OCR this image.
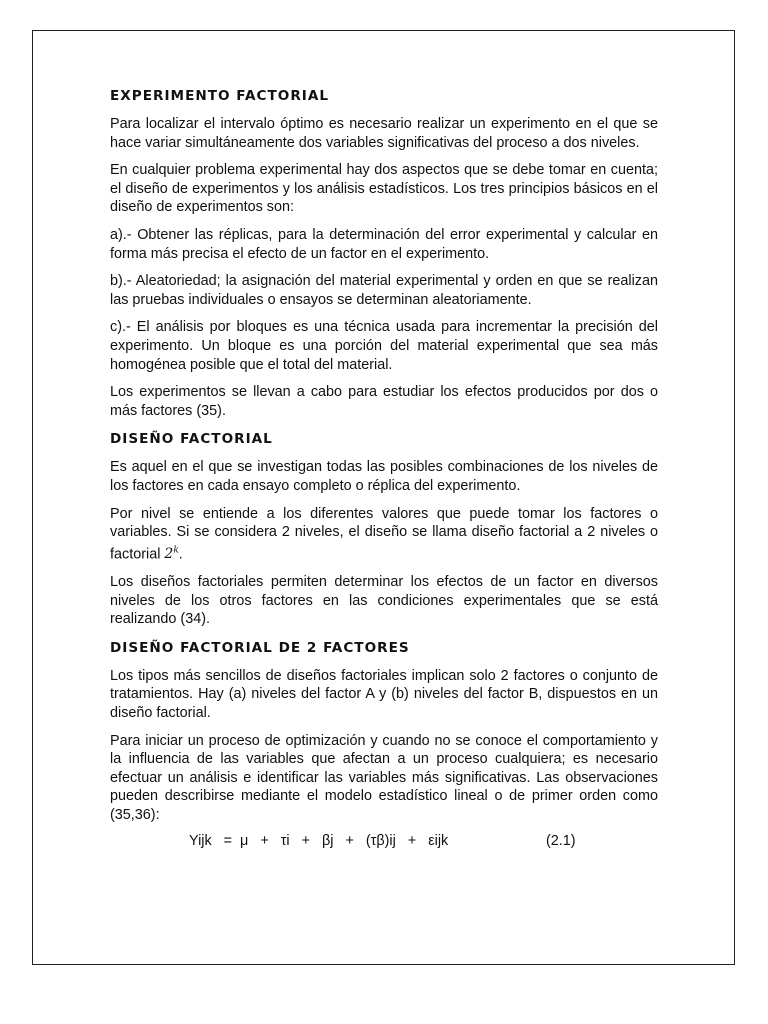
EXPERIMENTO FACTORIAL

Para localizar el intervalo óptimo es necesario realizar un experimento en el que se hace variar simultáneamente dos variables significativas del proceso a dos niveles.

En cualquier problema experimental hay dos aspectos que se debe tomar en cuenta; el diseño de experimentos y los análisis estadísticos. Los tres principios básicos en el diseño de experimentos son:

a).- Obtener las réplicas, para la determinación del error experimental y calcular en forma más precisa el efecto de un factor en el experimento.

b).- Aleatoriedad; la asignación del material experimental y orden en que se realizan las pruebas individuales o ensayos se determinan aleatoriamente.

c).- El análisis por bloques es una técnica usada para incrementar la precisión del experimento. Un bloque es una porción del material experimental que sea más homogénea posible que el total del material.

Los experimentos se llevan a cabo para estudiar los efectos producidos por dos o más factores (35).

DISEÑO FACTORIAL

Es aquel en el que se investigan todas las posibles combinaciones de los niveles de los factores en cada ensayo completo o réplica del experimento.

Por nivel se entiende a los diferentes valores que puede tomar los factores o variables. Si se considera 2 niveles, el diseño se llama diseño factorial a 2 niveles o factorial 2$^k$.

Los diseños factoriales permiten determinar los efectos de un factor en diversos niveles de los otros factores en las condiciones experimentales que se está realizando (34).

DISEÑO FACTORIAL DE 2 FACTORES

Los tipos más sencillos de diseños factoriales implican solo 2 factores o conjunto de tratamientos. Hay (a) niveles del factor A y (b) niveles del factor B, dispuestos en un diseño factorial.

Para iniciar un proceso de optimización y cuando no se conoce el comportamiento y la influencia de las variables que afectan a un proceso cualquiera; es necesario efectuar un análisis e identificar las variables más significativas. Las observaciones pueden describirse mediante el modelo estadístico lineal o de primer orden como (35,36):

Yijk   =  μ   +   τi   +   βj   +   (τβ)ij   +   εijk	(2.1)
